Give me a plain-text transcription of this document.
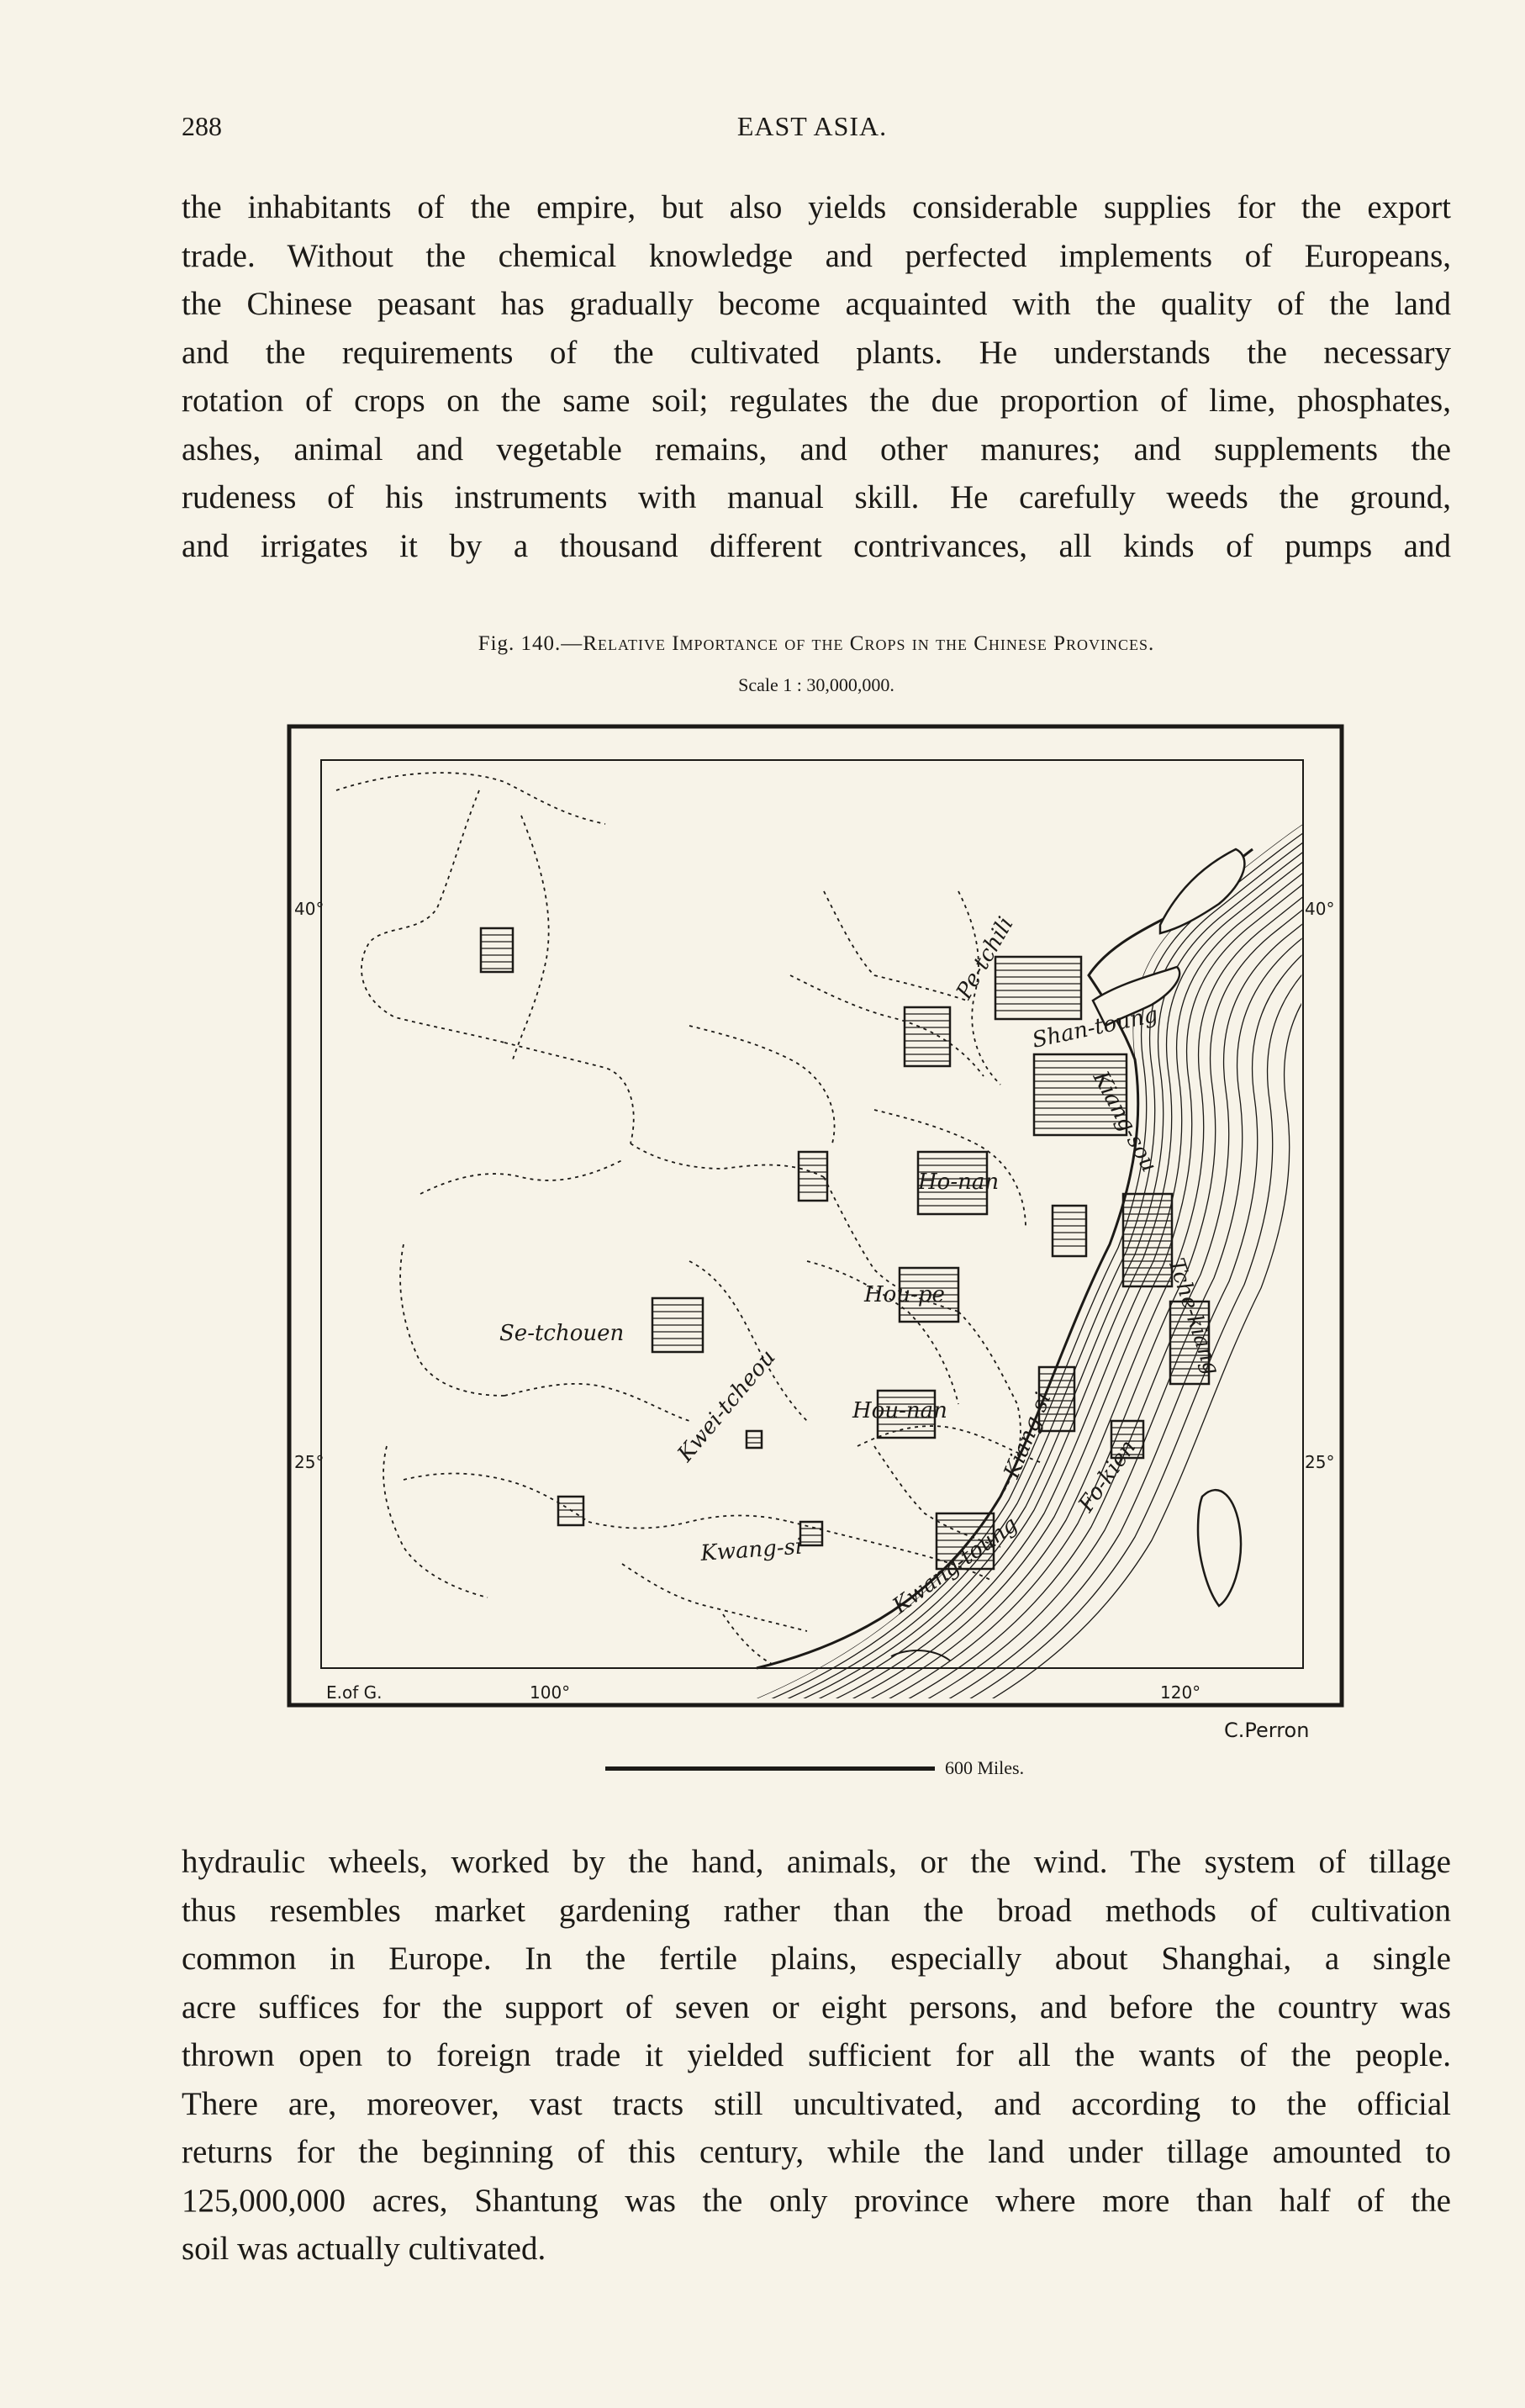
288	EAST ASIA.
the inhabitants of the empire, but also yields considerable supplies for the export
trade. Without the chemical knowledge and perfected implements of Europeans,
the Chinese peasant has gradually become acquainted with the quality of the land
and the requirements of the cultivated plants. He understands the necessary
rotation of crops on the same soil; regulates the due proportion of lime, phosphates,
ashes, animal and vegetable remains, and other manures; and supplements the
rudeness of his instruments with manual skill. He carefully weeds the ground,
and irrigates it by a thousand different contrivances, all kinds of pumps and
Fig. 140.—Relative Importance of the Crops in the Chinese Provinces.
Scale 1 : 30,000,000.
40°	40°
25°	25°
100°	120°
E.of G.
Pe-tchili
Shan-toung
Kiang-sou
Ho-nan
Hou-pe
Se-tchouen
Kwei-tcheou	Hou-nan Kiang-si
Tche-kiang
Fo-kien
Kwang-si	Kwang-toung
C.Perron
600 Miles.
hydraulic wheels, worked by the hand, animals, or the wind. The system of tillage
thus resembles market gardening rather than the broad methods of cultivation
common in Europe. In the fertile plains, especially about Shanghai, a single
acre suffices for the support of seven or eight persons, and before the country was
thrown open to foreign trade it yielded sufficient for all the wants of the people.
There are, moreover, vast tracts still uncultivated, and according to the official
returns for the beginning of this century, while the land under tillage amounted to
125,000,000 acres, Shantung was the only province where more than half of the
soil was actually cultivated.
